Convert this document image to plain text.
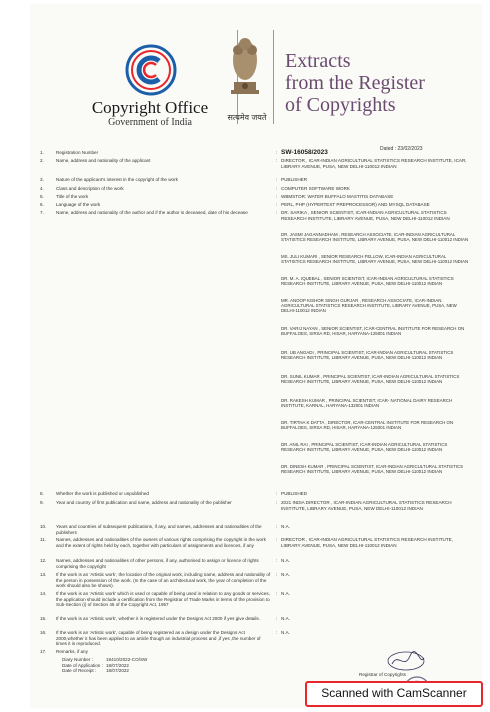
Copyright Office
Government of India	सत्यमेव जयते
Extracts
from the Register
of Copyrights
Dated : 23/02/2023
1.	Registration Number	: SW-16058/2023
2.	Name, address and nationality of the applicant	: DIRECTOR , ICAR-INDIAN AGRICULTURAL STATISTICS RESEARCH INSTITUTE, ICAR, LIBRARY AVENUE, PUSA, NEW DELHI-110012 INDIAN
3.	Nature of the applicant's interest in the copyright of the work	: PUBLISHER
4.	Class and description of the work	: COMPUTER SOFTWARE WORK
5.	Title of the work	: WBMSTOR: WATER BUFFALO MASTITIS DATABASE
6.	Language of the work	: PERL, PHP (HYPERTEXT PREPROCESSOR) AND MYSQL DATABASE
7.	Name, address and nationality of the author and if the author is deceased, date of his decease	: DR. SARIKA , SENIOR SCIENTIST, ICAR-INDIAN AGRICULTURAL STATISTICS RESEARCH INSTITUTE, LIBRARY AVENUE, PUSA, NEW DELHI-110012 INDIAN
DR. JASMI JAGANNADHAM , RESEARCH ASSOCIATE, ICAR-INDIAN AGRICULTURAL STATISTICS RESEARCH INSTITUTE, LIBRARY AVENUE, PUSA, NEW DELHI-110012 INDIAN
MS. JULI KUMARI , SENIOR RESEARCH FELLOW, ICAR-INDIAN AGRICULTURAL STATISTICS RESEARCH INSTITUTE, LIBRARY AVENUE, PUSA, NEW DELHI-110012 INDIAN
DR. M. A. IQUEBAL , SENIOR SCIENTIST, ICAR-INDIAN AGRICULTURAL STATISTICS RESEARCH INSTITUTE, LIBRARY AVENUE, PUSA, NEW DELHI-110012 INDIAN
MR. ANOOP KISHOR SINGH GURJAR , RESEARCH ASSOCIATE, ICAR-INDIAN AGRICULTURAL STATISTICS RESEARCH INSTITUTE, LIBRARY AVENUE, PUSA, NEW DELHI-110012 INDIAN
DR. VARIJ NAYAN , SENIOR SCIENTIST, ICAR-CENTRAL INSTITUTE FOR RESEARCH ON BUFFALOES, SIRSA RD, HISAR, HARYANA-125001 INDIAN
DR. UB ANGADI , PRINCIPAL SCIENTIST, ICAR-INDIAN AGRICULTURAL STATISTICS RESEARCH INSTITUTE, LIBRARY AVENUE, PUSA, NEW DELHI-110012 INDIAN
DR. SUNIL KUMAR , PRINCIPAL SCIENTIST, ICAR-INDIAN AGRICULTURAL STATISTICS RESEARCH INSTITUTE, LIBRARY AVENUE, PUSA, NEW DELHI-110012 INDIAN
DR. RAKESH KUMAR , PRINCIPAL SCIENTIST, ICAR- NATIONAL DAIRY RESEARCH INSTITUTE, KARNAL, HARYANA-132001 INDIAN
DR. TIRTHA K DATTA , DIRECTOR, ICAR-CENTRAL INSTITUTE FOR RESEARCH ON BUFFALOES, SIRSA RD, HISAR, HARYANA-125001 INDIAN
DR. ANIL RAI , PRINCIPAL SCIENTIST, ICAR-INDIAN AGRICULTURAL STATISTICS RESEARCH INSTITUTE, LIBRARY AVENUE, PUSA, NEW DELHI-110012 INDIAN
DR. DINESH KUMAR , PRINCIPAL SCIENTIST, ICAR-INDIAN AGRICULTURAL STATISTICS RESEARCH INSTITUTE, LIBRARY AVENUE, PUSA, NEW DELHI-110012 INDIAN
8.	Whether the work is published or unpublished	: PUBLISHED
9.	Year and country of first publication and name, address and nationality of the publisher	: 2021 INDIA DIRECTOR , ICAR-INDIAN AGRICULTURAL STATISTICS RESEARCH INSTITUTE, LIBRARY AVENUE, PUSA, NEW DELHI-110012 INDIAN
10.	Years and countries of subsequent publications, if any, and names, addresses and nationalities of the publishers
: N.A.
11.	Names, addresses and nationalities of the owners of various rights comprising the copyright in the work and the extent of rights held by each, together with particulars of assignments and licences, if any
: DIRECTOR , ICAR-INDIAN AGRICULTURAL STATISTICS RESEARCH INSTITUTE, LIBRARY AVENUE, PUSA, NEW DELHI-110012 INDIAN
12.	Names, addresses and nationalities of other persons, if any, authorised to assign or licence of rights comprising the copyright
: N.A.
13.	If the work is an 'Artistic work', the location of the original work, including name, address and nationality of the person in possession of the work. (In the case of an architectural work, the year of completion of the work should also be shown).
: N.A.
14.	If the work is an 'Artistic work' which is used or capable of being used in relation to any goods or services, the application should include a certification from the Registrar of Trade Marks in terms of the provision to Sub-Section (i) of Section 45 of the Copyright Act, 1957
: N.A.
15.	If the work is an 'Artistic work', whether it is registered under the Designs Act 2000 if yes give details.	: N.A.
16.	If the work is an 'Artistic work', capable of being registered as a design under the Designs Act 2000,whether it has been applied to an article though an industrial process and ,if yes ,the number of times it is reproduced.
: N.A.
17.	Remarks, if any
Diary Number :	19410/2022-CO/SW
Date of Application : 18/07/2022
Date of Receipt : 18/07/2022
Registrar of Copyrights
Scanned with CamScanner
